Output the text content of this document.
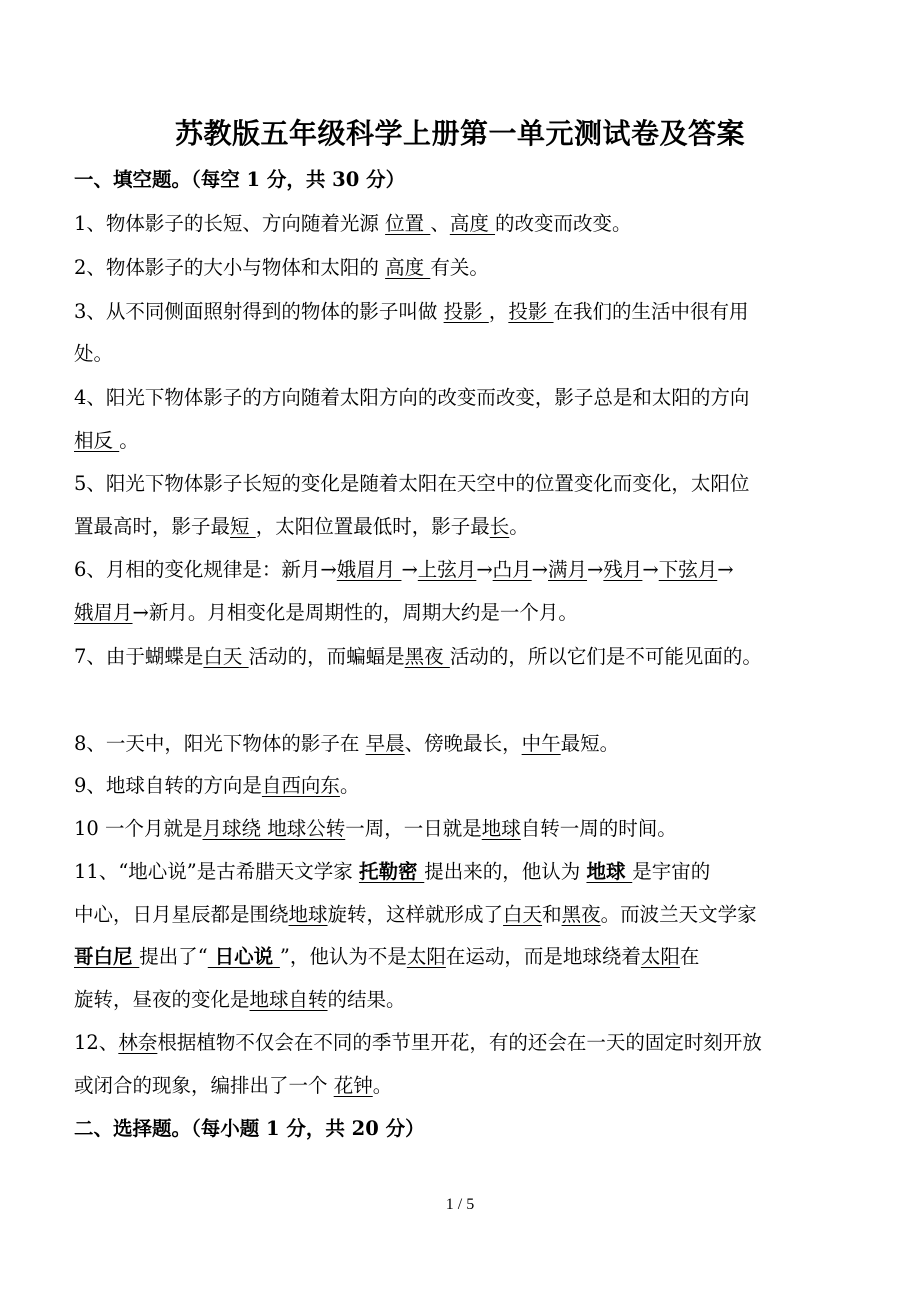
苏教版五年级科学上册第一单元测试卷及答案
一、填空题。（每空 1 分，共 30 分）
1、物体影子的长短、方向随着光源 位置 、高度 的改变而改变。
2、物体影子的大小与物体和太阳的 高度 有关。
3、从不同侧面照射得到的物体的影子叫做 投影 ，投影 在我们的生活中很有用
处。
4、阳光下物体影子的方向随着太阳方向的改变而改变，影子总是和太阳的方向
相反 。
5、阳光下物体影子长短的变化是随着太阳在天空中的位置变化而变化，太阳位
置最高时，影子最短 ，太阳位置最低时，影子最长。
6、月相的变化规律是：新月→娥眉月 →上弦月→凸月→满月→残月→下弦月→
娥眉月→新月。月相变化是周期性的，周期大约是一个月。
7、由于蝴蝶是白天 活动的，而蝙蝠是黑夜 活动的，所以它们是不可能见面的。
8、一天中，阳光下物体的影子在 早晨、傍晚最长，中午最短。
9、地球自转的方向是自西向东。
10 一个月就是月球绕 地球公转一周，一日就是地球自转一周的时间。
11、“地心说”是古希腊天文学家 托勒密 提出来的，他认为 地球 是宇宙的
中心，日月星辰都是围绕地球旋转，这样就形成了白天和黑夜。而波兰天文学家
哥白尼 提出了“ 日心说 ”，他认为不是太阳在运动，而是地球绕着太阳在
旋转，昼夜的变化是地球自转的结果。
12、林奈根据植物不仅会在不同的季节里开花，有的还会在一天的固定时刻开放
或闭合的现象，编排出了一个 花钟。
二、选择题。（每小题 1 分，共 20 分）
1 / 5
